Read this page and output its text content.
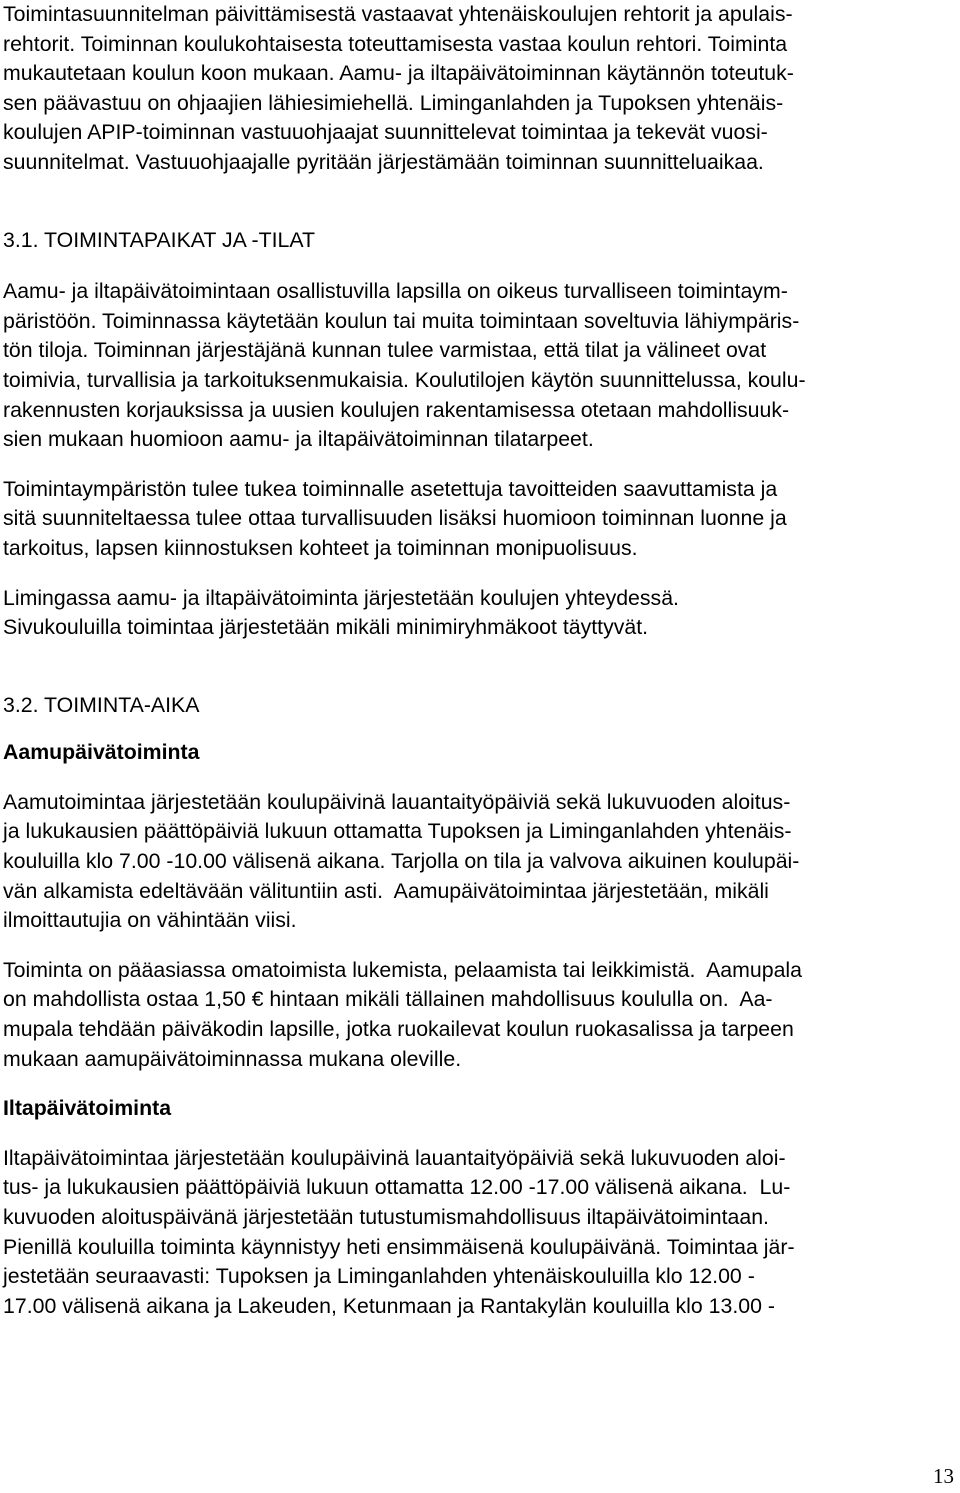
Toimintasuunnitelman päivittämisestä vastaavat yhtenäiskoulujen rehtorit ja apulais-
rehtorit. Toiminnan koulukohtaisesta toteuttamisesta vastaa koulun rehtori. Toiminta
mukautetaan koulun koon mukaan. Aamu- ja iltapäivätoiminnan käytännön toteutuk-
sen päävastuu on ohjaajien lähiesimiehellä. Liminganlahden ja Tupoksen yhtenäis-
koulujen APIP-toiminnan vastuuohjaajat suunnittelevat toimintaa ja tekevät vuosi-
suunnitelmat. Vastuuohjaajalle pyritään järjestämään toiminnan suunnitteluaikaa.
3.1. TOIMINTAPAIKAT JA -TILAT
Aamu- ja iltapäivätoimintaan osallistuvilla lapsilla on oikeus turvalliseen toimintaym-
päristöön. Toiminnassa käytetään koulun tai muita toimintaan soveltuvia lähiympäris-
tön tiloja. Toiminnan järjestäjänä kunnan tulee varmistaa, että tilat ja välineet ovat
toimivia, turvallisia ja tarkoituksenmukaisia. Koulutilojen käytön suunnittelussa, koulu-
rakennusten korjauksissa ja uusien koulujen rakentamisessa otetaan mahdollisuuk-
sien mukaan huomioon aamu- ja iltapäivätoiminnan tilatarpeet.
Toimintaympäristön tulee tukea toiminnalle asetettuja tavoitteiden saavuttamista ja
sitä suunniteltaessa tulee ottaa turvallisuuden lisäksi huomioon toiminnan luonne ja
tarkoitus, lapsen kiinnostuksen kohteet ja toiminnan monipuolisuus.
Limingassa aamu- ja iltapäivätoiminta järjestetään koulujen yhteydessä.
Sivukouluilla toimintaa järjestetään mikäli minimiryhmäkoot täyttyvät.
3.2. TOIMINTA-AIKA
Aamupäivätoiminta
Aamutoimintaa järjestetään koulupäivinä lauantaityöpäiviä sekä lukuvuoden aloitus-
ja lukukausien päättöpäiviä lukuun ottamatta Tupoksen ja Liminganlahden yhtenäis-
kouluilla klo 7.00 -10.00 välisenä aikana. Tarjolla on tila ja valvova aikuinen koulupäi-
vän alkamista edeltävään välituntiin asti.  Aamupäivätoimintaa järjestetään, mikäli
ilmoittautujia on vähintään viisi.
Toiminta on pääasiassa omatoimista lukemista, pelaamista tai leikkimistä.  Aamupala
on mahdollista ostaa 1,50 € hintaan mikäli tällainen mahdollisuus koululla on.  Aa-
mupala tehdään päiväkodin lapsille, jotka ruokailevat koulun ruokasalissa ja tarpeen
mukaan aamupäivätoiminnassa mukana oleville.
Iltapäivätoiminta
Iltapäivätoimintaa järjestetään koulupäivinä lauantaityöpäiviä sekä lukuvuoden aloi-
tus- ja lukukausien päättöpäiviä lukuun ottamatta 12.00 -17.00 välisenä aikana.  Lu-
kuvuoden aloituspäivänä järjestetään tutustumismahdollisuus iltapäivätoimintaan.
Pienillä kouluilla toiminta käynnistyy heti ensimmäisenä koulupäivänä. Toimintaa jär-
jestetään seuraavasti: Tupoksen ja Liminganlahden yhtenäiskouluilla klo 12.00 -
17.00 välisenä aikana ja Lakeuden, Ketunmaan ja Rantakylän kouluilla klo 13.00 -
13
